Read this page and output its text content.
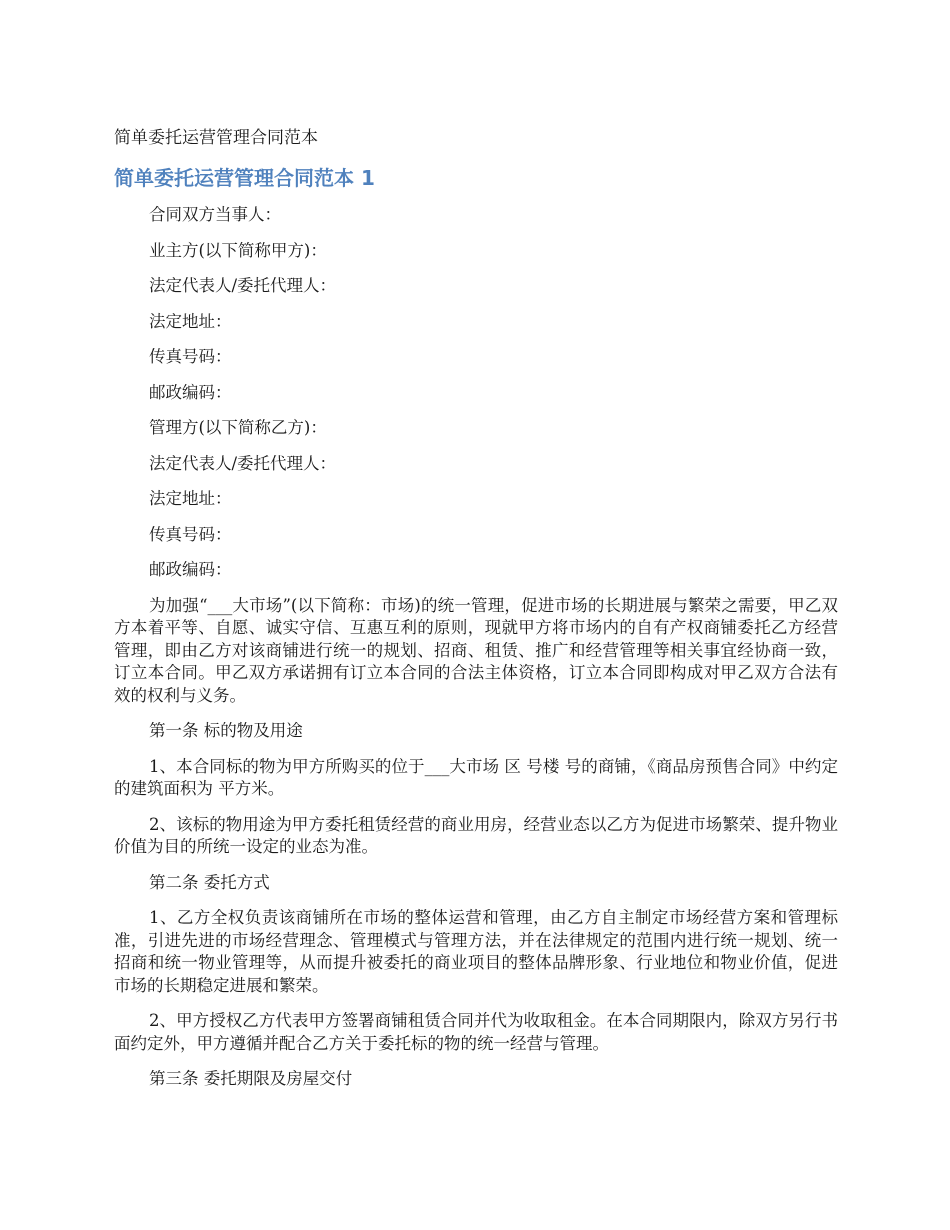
简单委托运营管理合同范本
简单委托运营管理合同范本 1

合同双方当事人：

业主方(以下简称甲方)：

法定代表人/委托代理人：

法定地址：

传真号码：

邮政编码：

管理方(以下简称乙方)：

法定代表人/委托代理人：

法定地址：

传真号码：

邮政编码：

为加强“___大市场”(以下简称：市场)的统一管理，促进市场的长期进展与繁荣之需要，甲乙双方本着平等、自愿、诚实守信、互惠互利的原则，现就甲方将市场内的自有产权商铺委托乙方经营管理，即由乙方对该商铺进行统一的规划、招商、租赁、推广和经营管理等相关事宜经协商一致，订立本合同。甲乙双方承诺拥有订立本合同的合法主体资格，订立本合同即构成对甲乙双方合法有效的权利与义务。

第一条 标的物及用途

1、本合同标的物为甲方所购买的位于___大市场 区 号楼 号的商铺，《商品房预售合同》中约定的建筑面积为 平方米。

2、该标的物用途为甲方委托租赁经营的商业用房，经营业态以乙方为促进市场繁荣、提升物业价值为目的所统一设定的业态为准。

第二条 委托方式

1、乙方全权负责该商铺所在市场的整体运营和管理，由乙方自主制定市场经营方案和管理标准，引进先进的市场经营理念、管理模式与管理方法，并在法律规定的范围内进行统一规划、统一招商和统一物业管理等，从而提升被委托的商业项目的整体品牌形象、行业地位和物业价值，促进市场的长期稳定进展和繁荣。

2、甲方授权乙方代表甲方签署商铺租赁合同并代为收取租金。在本合同期限内，除双方另行书面约定外，甲方遵循并配合乙方关于委托标的物的统一经营与管理。

第三条 委托期限及房屋交付
